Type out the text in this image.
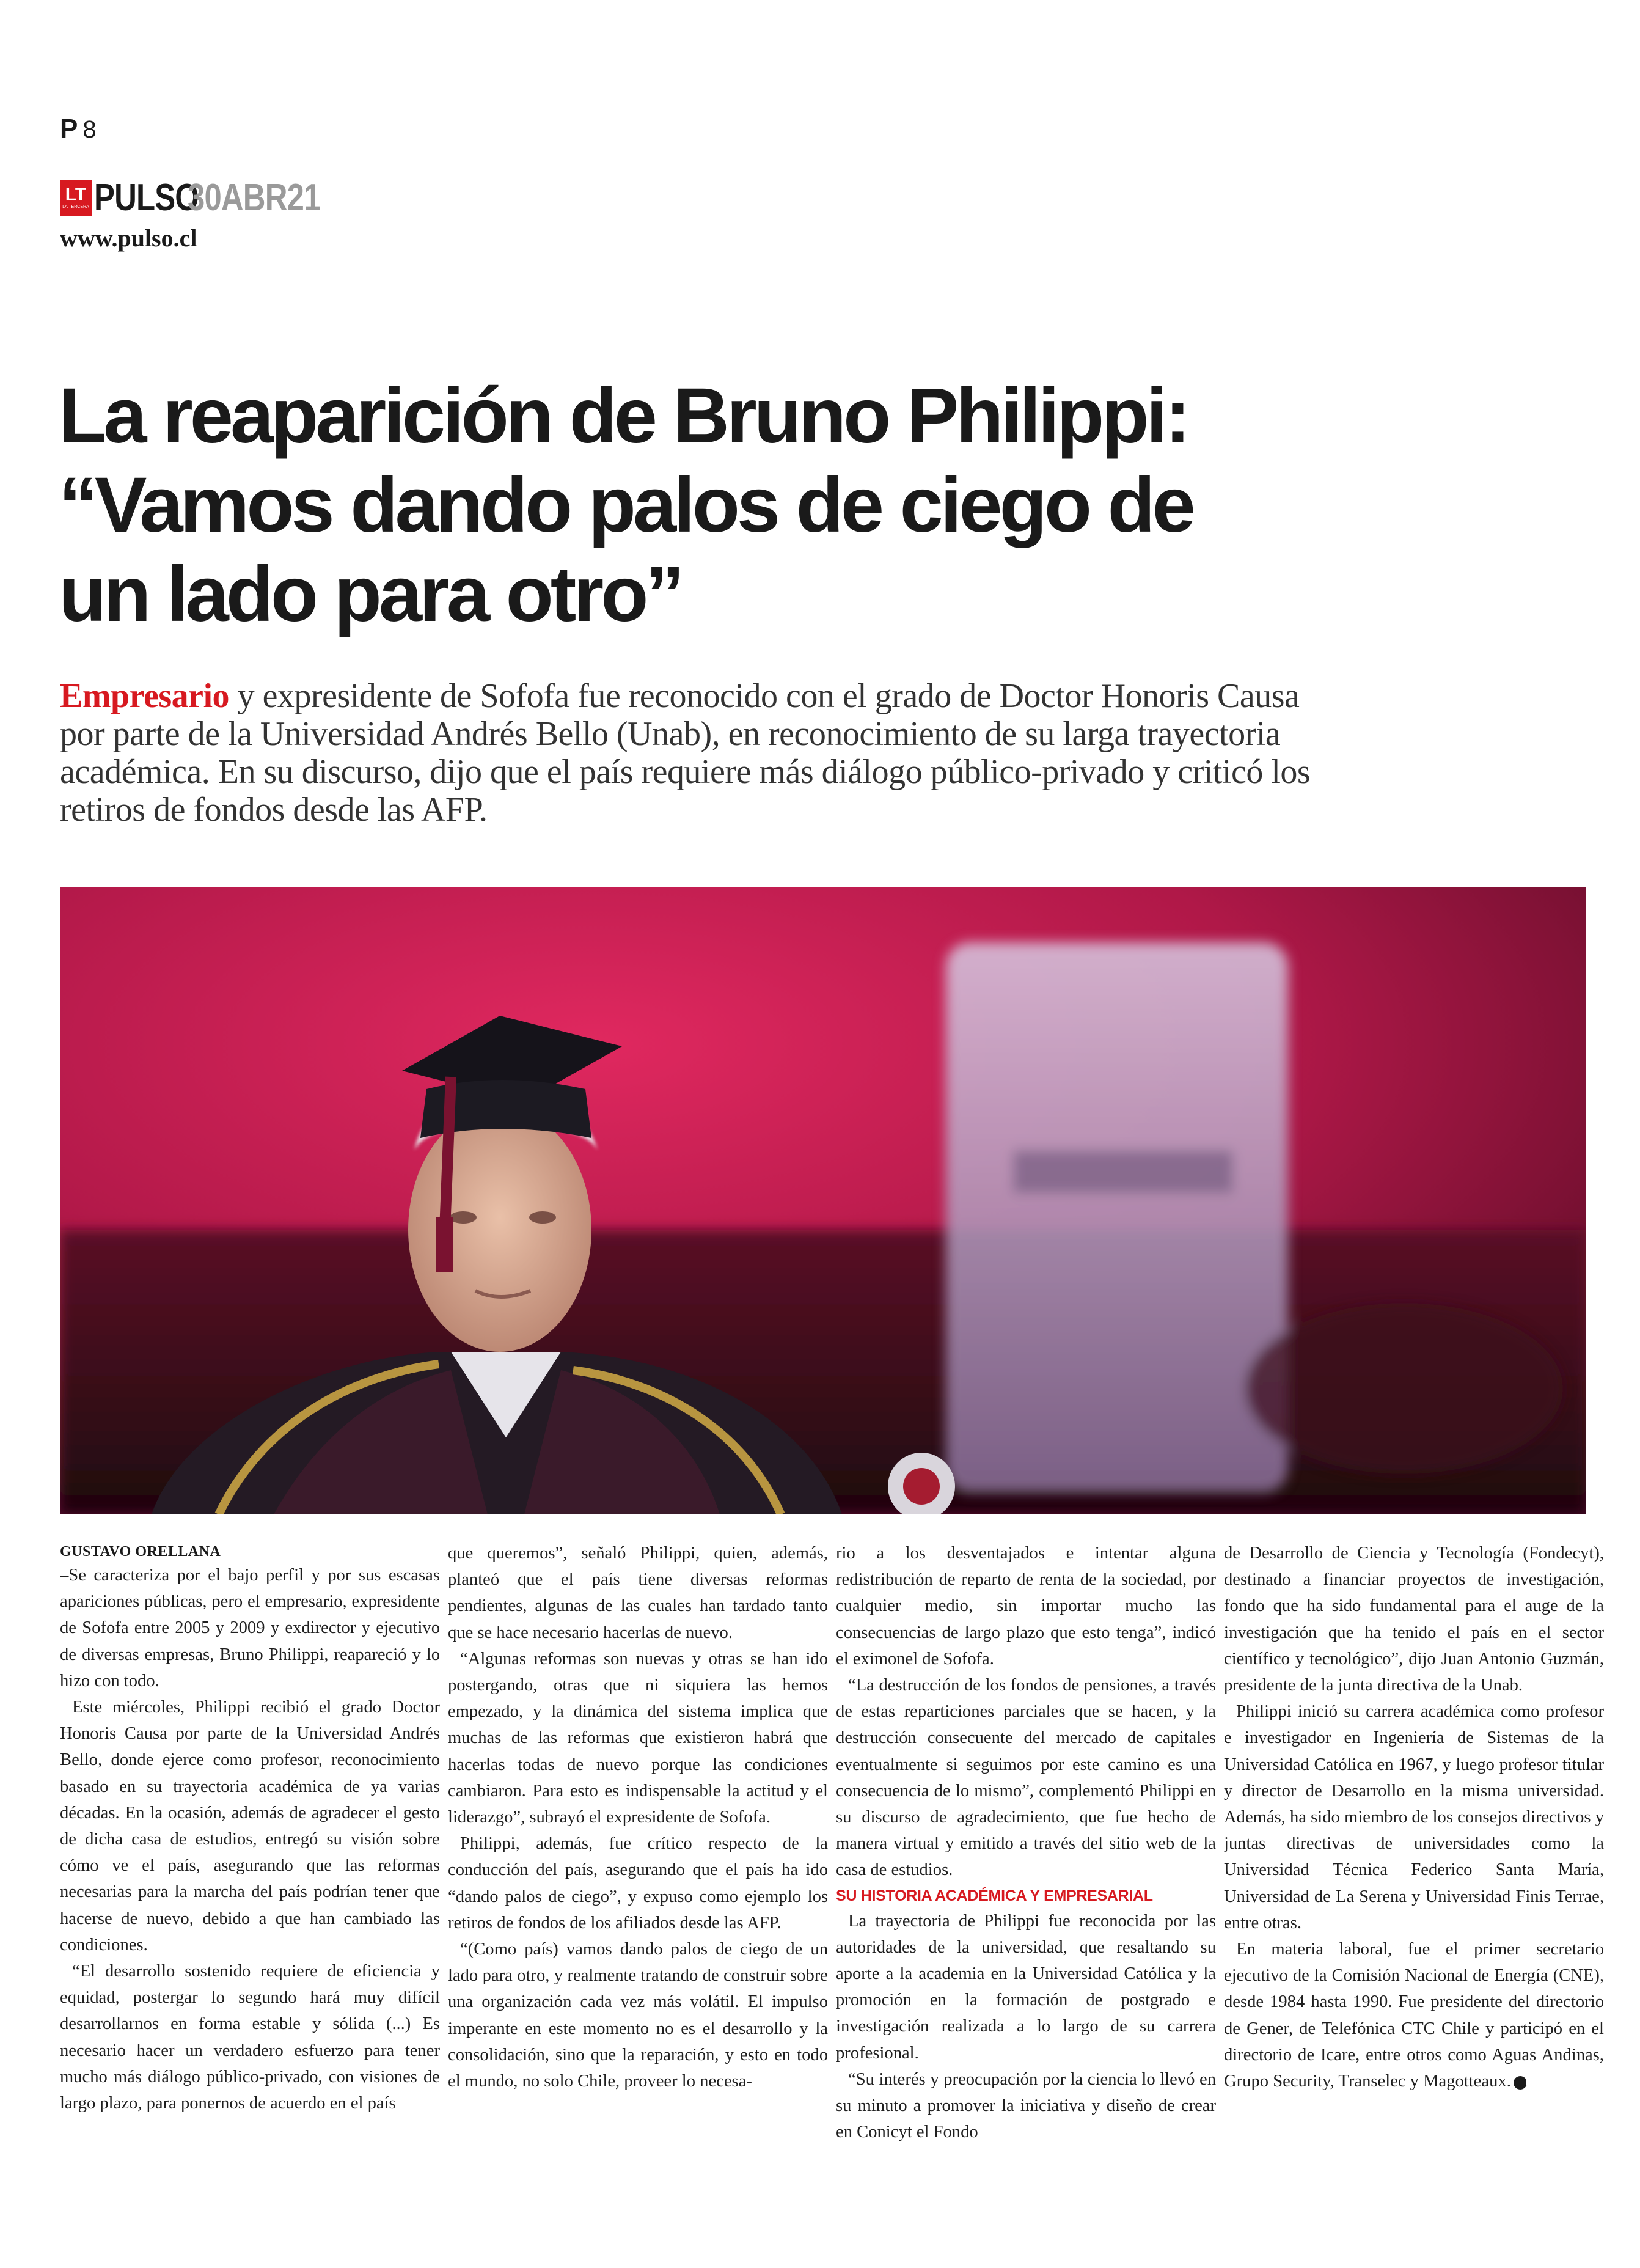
P 8
LT
LA TERCERA PULSO
30ABR21
www.pulso.cl
La reaparición de Bruno Philippi:
“Vamos dando palos de ciego de
un lado para otro”
Empresario y expresidente de Sofofa fue reconocido con el grado de Doctor Honoris Causa por parte de la Universidad Andrés Bello (Unab), en reconocimiento de su larga trayectoria académica. En su discurso, dijo que el país requiere más diálogo público-privado y criticó los retiros de fondos desde las AFP.
GUSTAVO ORELLANA

–Se caracteriza por el bajo perfil y por sus escasas apariciones públicas, pero el empresario, expresidente de Sofofa entre 2005 y 2009 y exdirector y ejecutivo de diversas empresas, Bruno Philippi, reapareció y lo hizo con todo.

Este miércoles, Philippi recibió el grado Doctor Honoris Causa por parte de la Universidad Andrés Bello, donde ejerce como profesor, reconocimiento basado en su trayectoria académica de ya varias décadas. En la ocasión, además de agradecer el gesto de dicha casa de estudios, entregó su visión sobre cómo ve el país, asegurando que las reformas necesarias para la marcha del país podrían tener que hacerse de nuevo, debido a que han cambiado las condiciones.

“El desarrollo sostenido requiere de eficiencia y equidad, postergar lo segundo hará muy difícil desarrollarnos en forma estable y sólida (...) Es necesario hacer un verdadero esfuerzo para tener mucho más diálogo público-privado, con visiones de largo plazo, para ponernos de acuerdo en el país

que queremos”, señaló Philippi, quien, además, planteó que el país tiene diversas reformas pendientes, algunas de las cuales han tardado tanto que se hace necesario hacerlas de nuevo.

“Algunas reformas son nuevas y otras se han ido postergando, otras que ni siquiera las hemos empezado, y la dinámica del sistema implica que muchas de las reformas que existieron habrá que hacerlas todas de nuevo porque las condiciones cambiaron. Para esto es indispensable la actitud y el liderazgo”, subrayó el expresidente de Sofofa.

Philippi, además, fue crítico respecto de la conducción del país, asegurando que el país ha ido “dando palos de ciego”, y expuso como ejemplo los retiros de fondos de los afiliados desde las AFP.

“(Como país) vamos dando palos de ciego de un lado para otro, y realmente tratando de construir sobre una organización cada vez más volátil. El impulso imperante en este momento no es el desarrollo y la consolidación, sino que la reparación, y esto en todo el mundo, no solo Chile, proveer lo necesa-

rio a los desventajados e intentar alguna redistribución de reparto de renta de la sociedad, por cualquier medio, sin importar mucho las consecuencias de largo plazo que esto tenga”, indicó el eximonel de Sofofa.

“La destrucción de los fondos de pensiones, a través de estas reparticiones parciales que se hacen, y la destrucción consecuente del mercado de capitales eventualmente si seguimos por este camino es una consecuencia de lo mismo”, complementó Philippi en su discurso de agradecimiento, que fue hecho de manera virtual y emitido a través del sitio web de la casa de estudios.

SU HISTORIA ACADÉMICA Y EMPRESARIAL

La trayectoria de Philippi fue reconocida por las autoridades de la universidad, que resaltando su aporte a la academia en la Universidad Católica y la promoción en la formación de postgrado e investigación realizada a lo largo de su carrera profesional.

“Su interés y preocupación por la ciencia lo llevó en su minuto a promover la iniciativa y diseño de crear en Conicyt el Fondo

de Desarrollo de Ciencia y Tecnología (Fondecyt), destinado a financiar proyectos de investigación, fondo que ha sido fundamental para el auge de la investigación que ha tenido el país en el sector científico y tecnológico”, dijo Juan Antonio Guzmán, presidente de la junta directiva de la Unab.

Philippi inició su carrera académica como profesor e investigador en Ingeniería de Sistemas de la Universidad Católica en 1967, y luego profesor titular y director de Desarrollo en la misma universidad. Además, ha sido miembro de los consejos directivos y juntas directivas de universidades como la Universidad Técnica Federico Santa María, Universidad de La Serena y Universidad Finis Terrae, entre otras.

En materia laboral, fue el primer secretario ejecutivo de la Comisión Nacional de Energía (CNE), desde 1984 hasta 1990. Fue presidente del directorio de Gener, de Telefónica CTC Chile y participó en el directorio de Icare, entre otros como Aguas Andinas, Grupo Security, Transelec y Magotteaux. P
